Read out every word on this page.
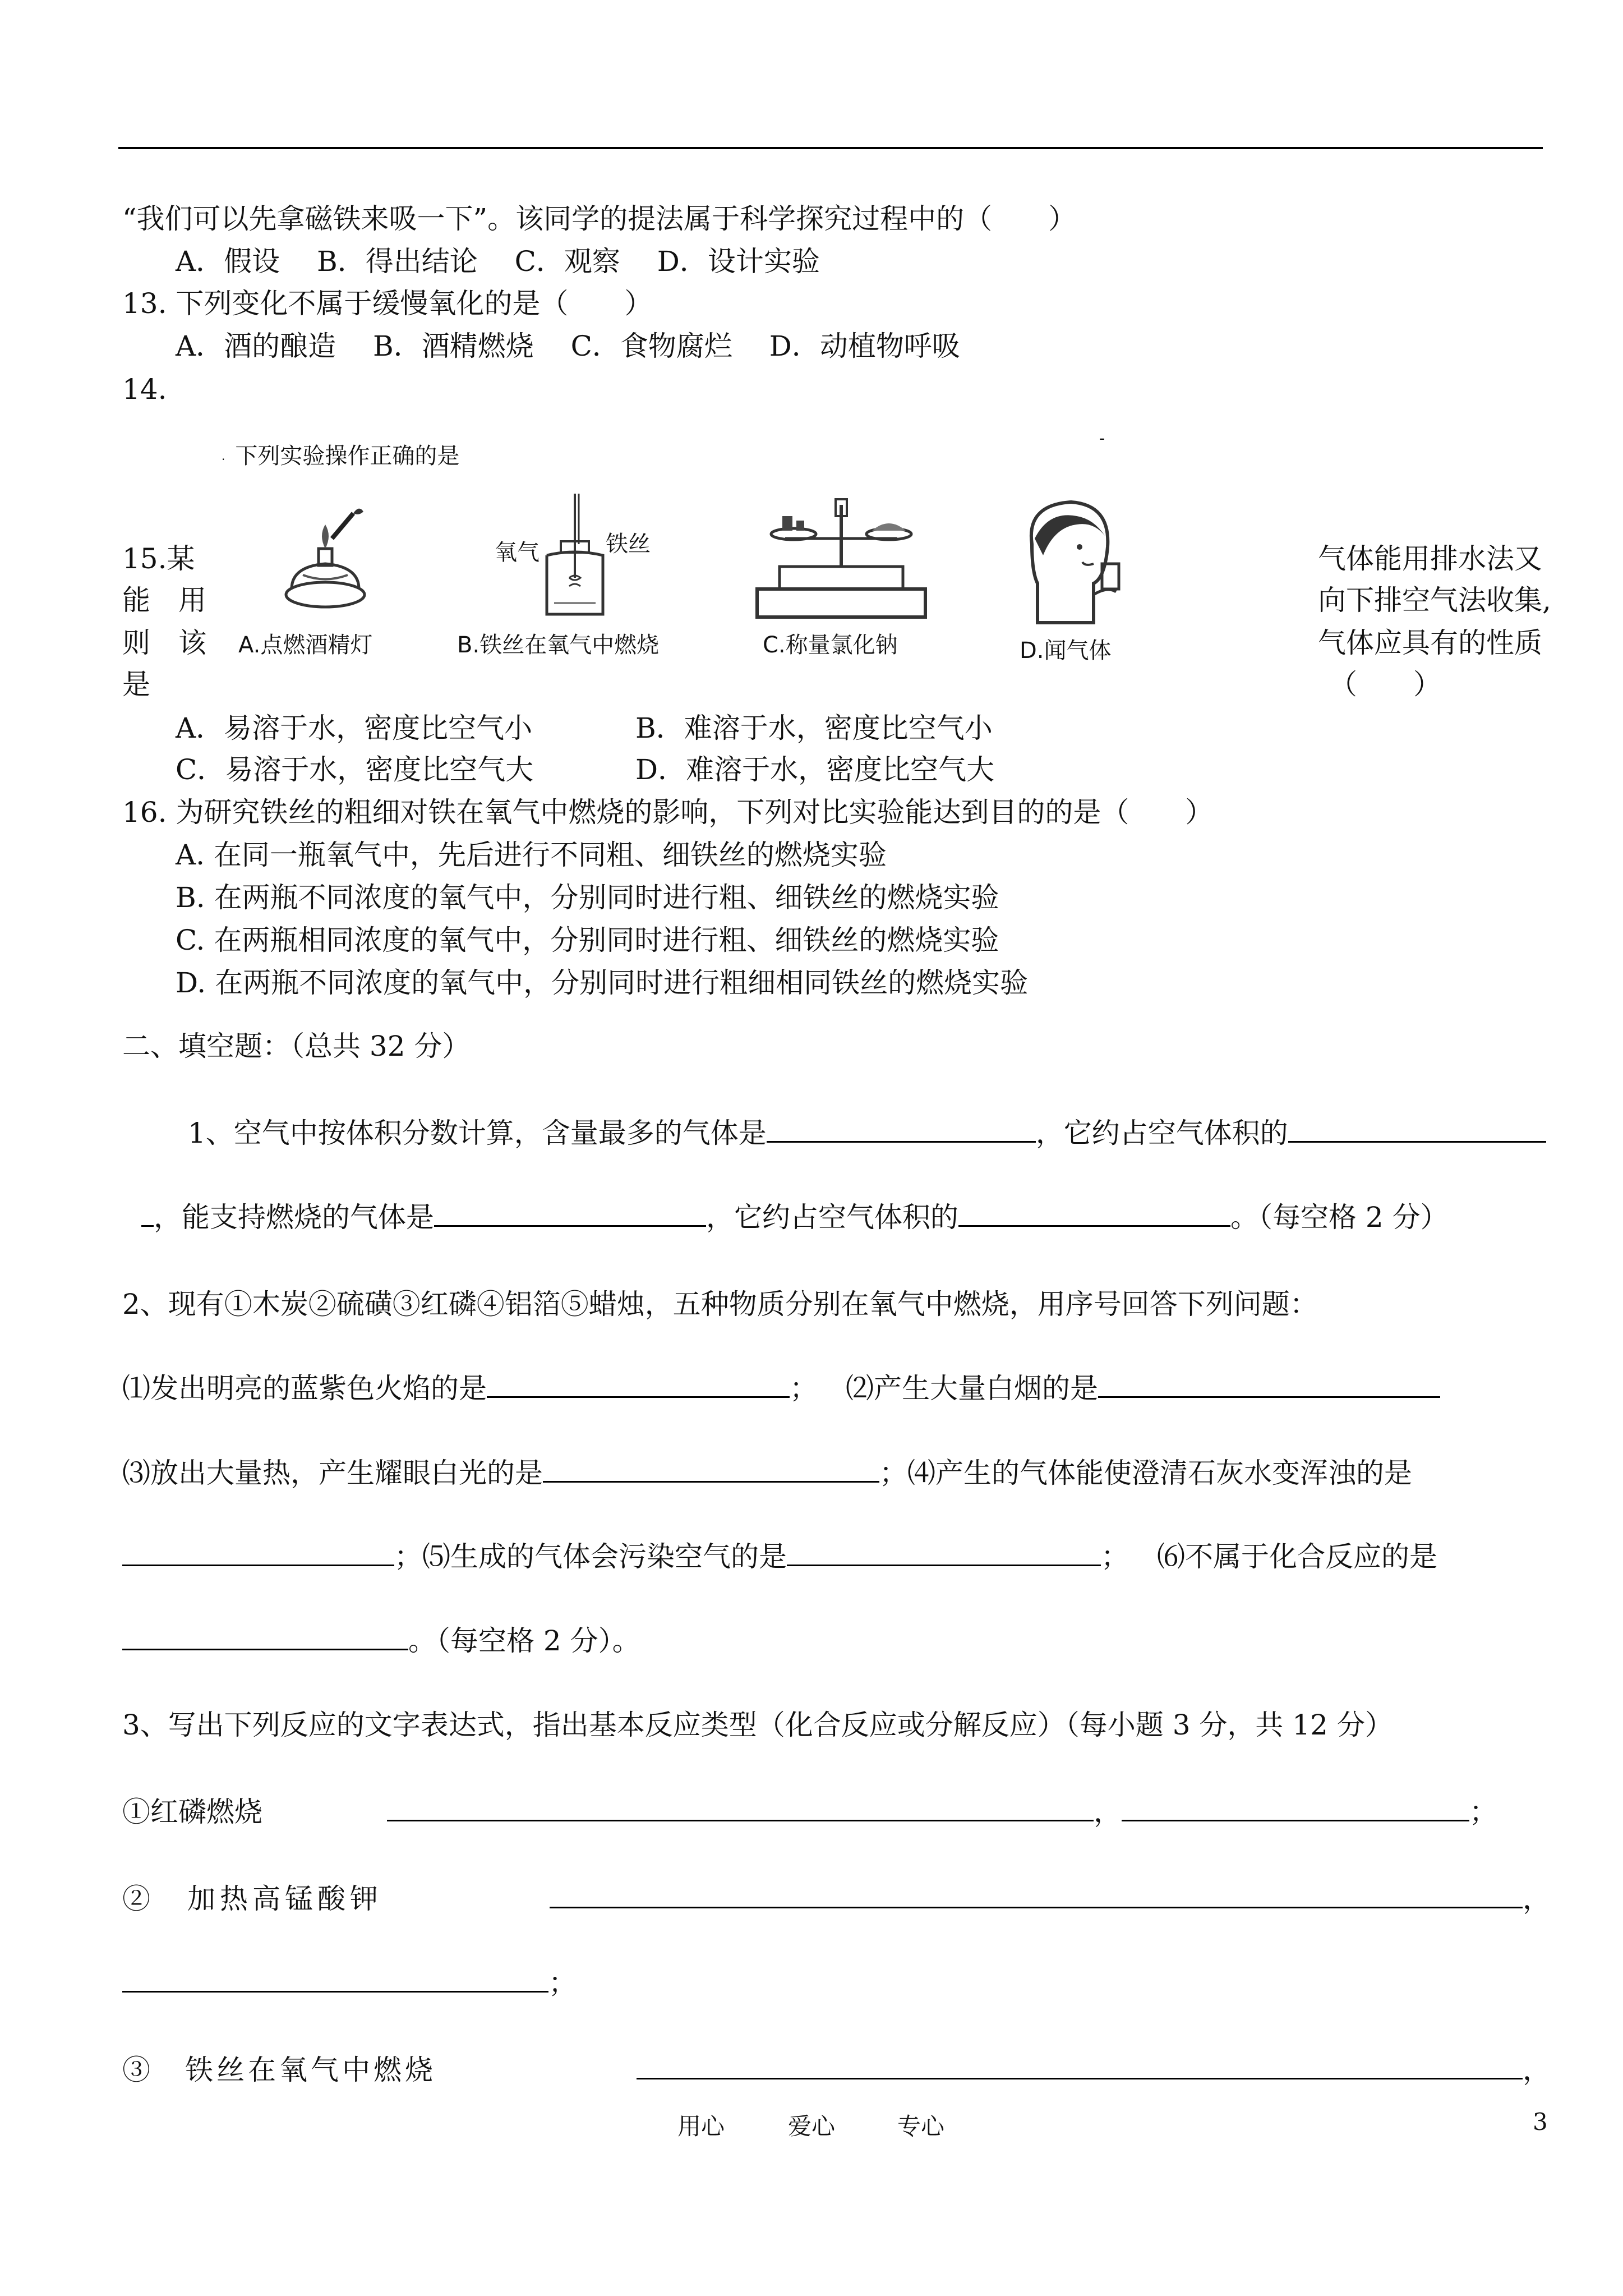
“我们可以先拿磁铁来吸一下”。该同学的提法属于科学探究过程中的（　　）
A．假设　 B．得出结论　 C．观察　 D．设计实验
13. 下列变化不属于缓慢氧化的是（　　）
A．酒的酿造　 B．酒精燃烧　 C．食物腐烂　 D．动植物呼吸
14.
· 下列实验操作正确的是
-
15.某
能　用
则　该
是
气体能用排水法又
向下排空气法收集,
气体应具有的性质
（　　）
A.点燃酒精灯
氧气	铁丝
B.铁丝在氧气中燃烧	C.称量氯化钠	D.闻气体
A．易溶于水，密度比空气小	B．难溶于水，密度比空气小
C．易溶于水，密度比空气大	D．难溶于水，密度比空气大
16. 为研究铁丝的粗细对铁在氧气中燃烧的影响，下列对比实验能达到目的的是（　　）
A. 在同一瓶氧气中，先后进行不同粗、细铁丝的燃烧实验
B. 在两瓶不同浓度的氧气中，分别同时进行粗、细铁丝的燃烧实验
C. 在两瓶相同浓度的氧气中，分别同时进行粗、细铁丝的燃烧实验
D. 在两瓶不同浓度的氧气中，分别同时进行粗细相同铁丝的燃烧实验
二、填空题：（总共 32 分）
1、空气中按体积分数计算，含量最多的气体是	，它约占空气体积的
，能支持燃烧的气体是	，它约占空气体积的	。（每空格 2 分）
2、现有①木炭②硫磺③红磷④铝箔⑤蜡烛，五种物质分别在氧气中燃烧，用序号回答下列问题：
⑴发出明亮的蓝紫色火焰的是	； ⑵产生大量白烟的是
⑶放出大量热，产生耀眼白光的是	；⑷产生的气体能使澄清石灰水变浑浊的是
；⑸生成的气体会污染空气的是	； ⑹不属于化合反应的是
。（每空格 2 分）。
3、写出下列反应的文字表达式，指出基本反应类型（化合反应或分解反应）（每小题 3 分，共 12 分）
①红磷燃烧	，	；
②　加热高锰酸钾	，
；
③　铁丝在氧气中燃烧	，
用心	爱心	专心	3
